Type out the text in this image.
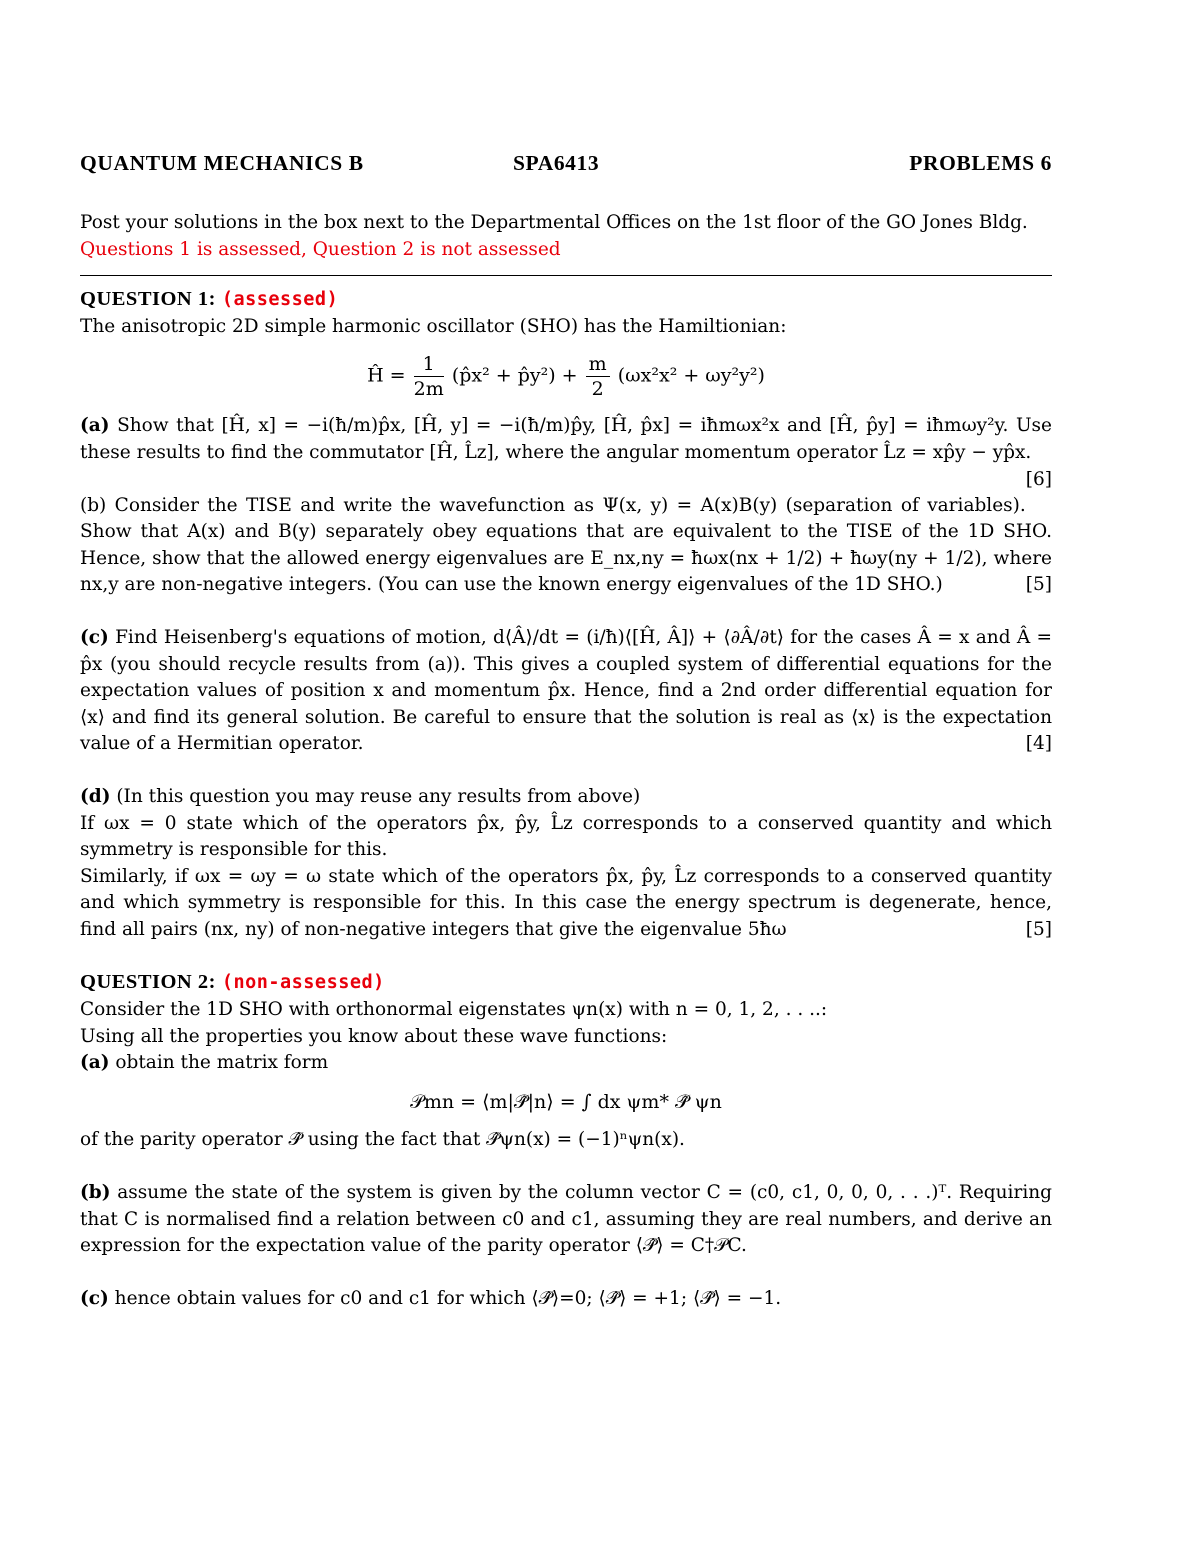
QUANTUM MECHANICS B	SPA6413	PROBLEMS 6

Post your solutions in the box next to the Departmental Offices on the 1st floor of the GO Jones Bldg.

Questions 1 is assessed, Question 2 is not assessed

QUESTION 1: (assessed)

The anisotropic 2D simple harmonic oscillator (SHO) has the Hamiltionian:

Ĥ = $\frac{1}{2m}$ (p̂x² + p̂y²) + $\frac{m}{2} (\omega x^2x^2 + \omega y^2y^2)$

(a) Show that [Ĥ, x] = −i(ħ/m)p̂x, [Ĥ, y] = −i(ħ/m)p̂y, [Ĥ, p̂x] = iħmωx²x and [Ĥ, p̂y] = iħmωy²y. Use these results to find the commutator [Ĥ, L̂z], where the angular momentum operator L̂z = xp̂y − yp̂x.
[6]

(b) Consider the TISE and write the wavefunction as Ψ(x, y) = A(x)B(y) (separation of variables). Show that A(x) and B(y) separately obey equations that are equivalent to the TISE of the 1D SHO. Hence, show that the allowed energy eigenvalues are E_nx,ny = ħωx(nx + 1/2) + ħωy(ny + 1/2), where nx,y are non-negative integers. (You can use the known energy eigenvalues of the 1D SHO.)	[5]

(c) Find Heisenberg's equations of motion, d⟨Â⟩/dt = (i/ħ)⟨[Ĥ, Â]⟩ + ⟨∂Â/∂t⟩ for the cases Â = x and Â = p̂x (you should recycle results from (a)). This gives a coupled system of differential equations for the expectation values of position x and momentum p̂x. Hence, find a 2nd order differential equation for ⟨x⟩ and find its general solution. Be careful to ensure that the solution is real as ⟨x⟩ is the expectation value of a Hermitian operator.	[4]

(d) (In this question you may reuse any results from above)

If ωx = 0 state which of the operators p̂x, p̂y, L̂z corresponds to a conserved quantity and which symmetry is responsible for this.

Similarly, if ωx = ωy = ω state which of the operators p̂x, p̂y, L̂z corresponds to a conserved quantity and which symmetry is responsible for this. In this case the energy spectrum is degenerate, hence, find all pairs (nx, ny) of non-negative integers that give the eigenvalue 5ħω	[5]

QUESTION 2: (non-assessed)

Consider the 1D SHO with orthonormal eigenstates ψn(x) with n = 0, 1, 2, . . ..:

Using all the properties you know about these wave functions:

(a) obtain the matrix form

𝒫mn = ⟨m|𝒫̂|n⟩ = ∫ dx ψm* 𝒫̂ ψn

of the parity operator 𝒫̂ using the fact that 𝒫̂ψn(x) = (−1)ⁿψn(x).

(b) assume the state of the system is given by the column vector C = (c0, c1, 0, 0, 0, . . .)ᵀ. Requiring that C is normalised find a relation between c0 and c1, assuming they are real numbers, and derive an expression for the expectation value of the parity operator ⟨𝒫̂⟩ = C†𝒫C.

(c) hence obtain values for c0 and c1 for which ⟨𝒫̂⟩=0; ⟨𝒫̂⟩ = +1; ⟨𝒫̂⟩ = −1.
